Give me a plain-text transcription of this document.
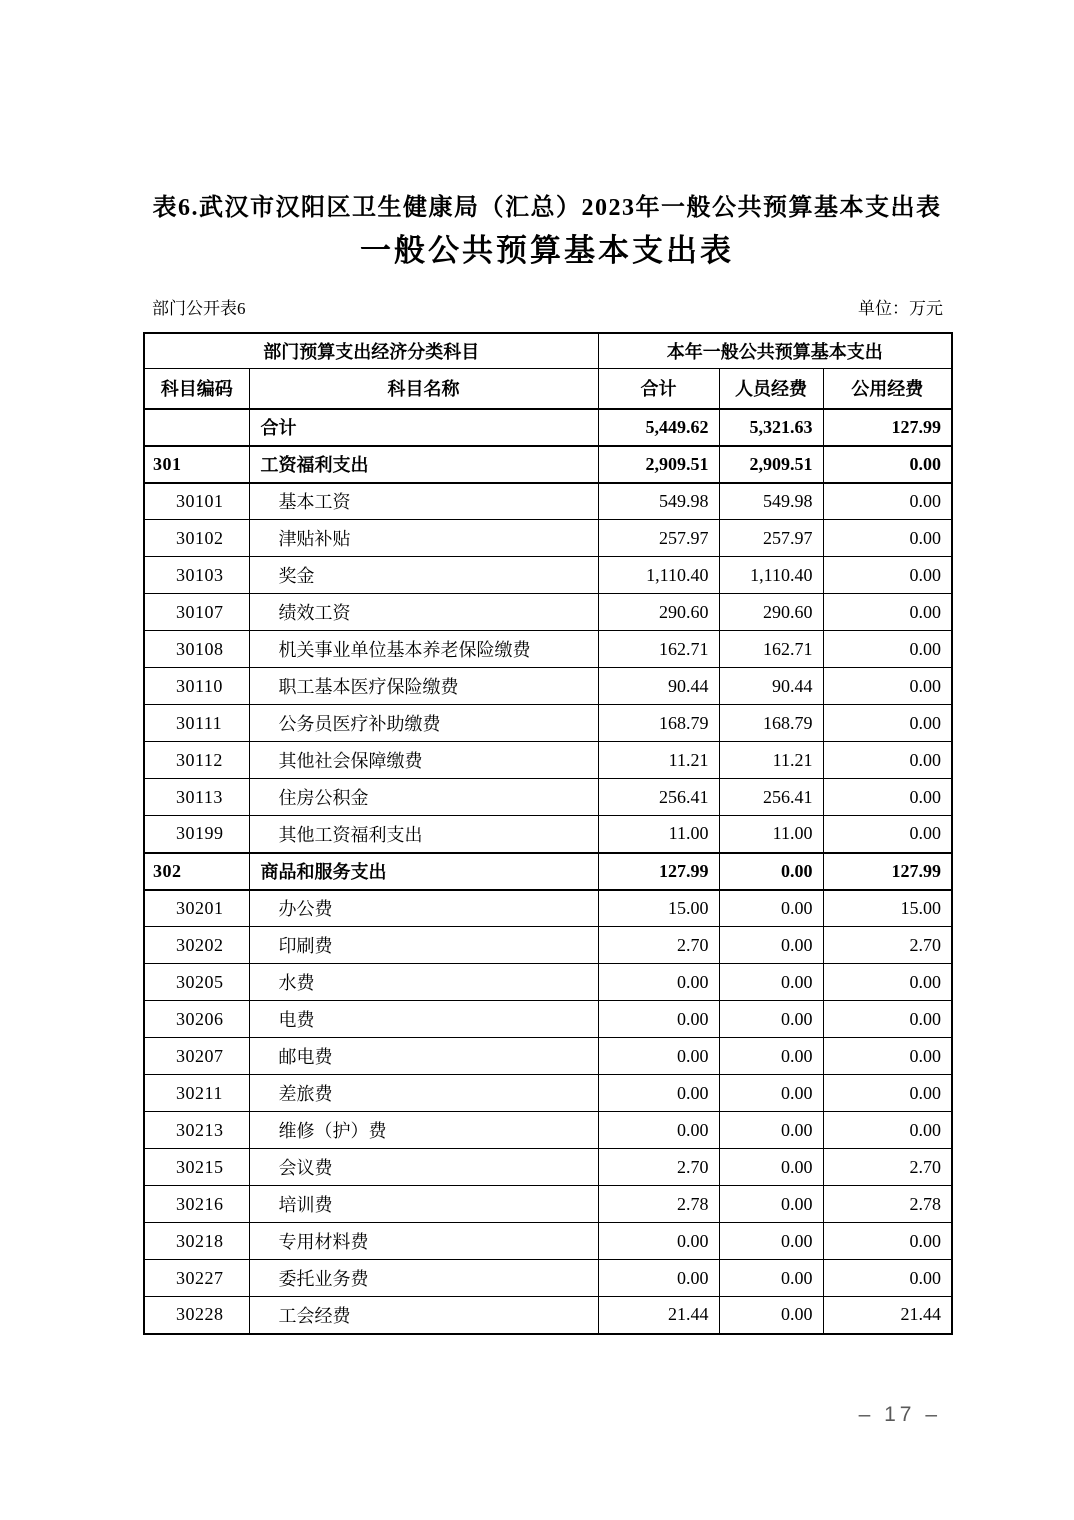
表6.武汉市汉阳区卫生健康局（汇总）2023年一般公共预算基本支出表
一般公共预算基本支出表
部门公开表6	单位：万元
部门预算支出经济分类科目		本年一般公共预算基本支出		
科目编码	科目名称	合计	人员经费	公用经费
	合计	5,449.62	5,321.63	127.99
301	工资福利支出	2,909.51	2,909.51	0.00
30101	基本工资	549.98	549.98	0.00
30102	津贴补贴	257.97	257.97	0.00
30103	奖金	1,110.40	1,110.40	0.00
30107	绩效工资	290.60	290.60	0.00
30108	机关事业单位基本养老保险缴费	162.71	162.71	0.00
30110	职工基本医疗保险缴费	90.44	90.44	0.00
30111	公务员医疗补助缴费	168.79	168.79	0.00
30112	其他社会保障缴费	11.21	11.21	0.00
30113	住房公积金	256.41	256.41	0.00
30199	其他工资福利支出	11.00	11.00	0.00
302	商品和服务支出	127.99	0.00	127.99
30201	办公费	15.00	0.00	15.00
30202	印刷费	2.70	0.00	2.70
30205	水费	0.00	0.00	0.00
30206	电费	0.00	0.00	0.00
30207	邮电费	0.00	0.00	0.00
30211	差旅费	0.00	0.00	0.00
30213	维修（护）费	0.00	0.00	0.00
30215	会议费	2.70	0.00	2.70
30216	培训费	2.78	0.00	2.78
30218	专用材料费	0.00	0.00	0.00
30227	委托业务费	0.00	0.00	0.00
30228	工会经费	21.44	0.00	21.44
– 17 –
